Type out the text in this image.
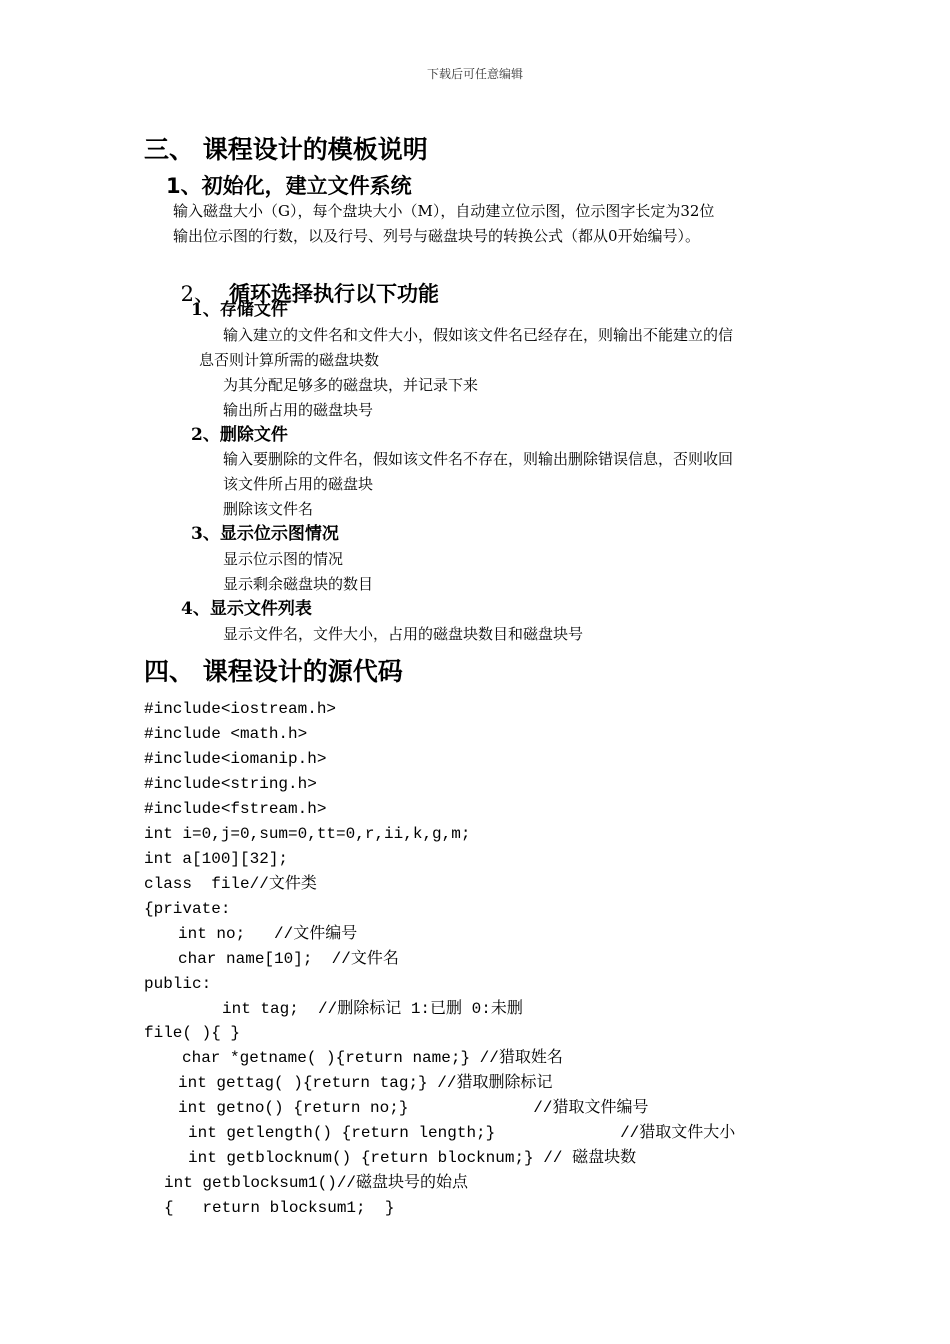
下载后可任意编辑
三、 课程设计的模板说明
1、初始化，建立文件系统
输入磁盘大小（G），每个盘块大小（M），自动建立位示图，位示图字长定为32位
输出位示图的行数，以及行号、列号与磁盘块号的转换公式（都从0开始编号）。

2、 循环选择执行以下功能

1、存储文件
输入建立的文件名和文件大小，假如该文件名已经存在，则输出不能建立的信
息否则计算所需的磁盘块数
为其分配足够多的磁盘块，并记录下来
输出所占用的磁盘块号
2、删除文件
输入要删除的文件名，假如该文件名不存在，则输出删除错误信息，否则收回
该文件所占用的磁盘块
删除该文件名
3、显示位示图情况
显示位示图的情况
显示剩余磁盘块的数目
4、显示文件列表
显示文件名，文件大小，占用的磁盘块数目和磁盘块号
四、 课程设计的源代码
#include<iostream.h>
#include <math.h>
#include<iomanip.h>
#include<string.h>
#include<fstream.h>
int i=0,j=0,sum=0,tt=0,r,ii,k,g,m;
int a[100][32];
class  file//文件类
{private:
int no;   //文件编号
char name[10];  //文件名
public:
int tag;  //删除标记 1:已删 0:未删
file( ){ }
char *getname( ){return name;} //猎取姓名
int gettag( ){return tag;} //猎取删除标记
int getno() {return no;}             //猎取文件编号
int getlength() {return length;}             //猎取文件大小
int getblocknum() {return blocknum;} // 磁盘块数
int getblocksum1()//磁盘块号的始点
{   return blocksum1;  }
